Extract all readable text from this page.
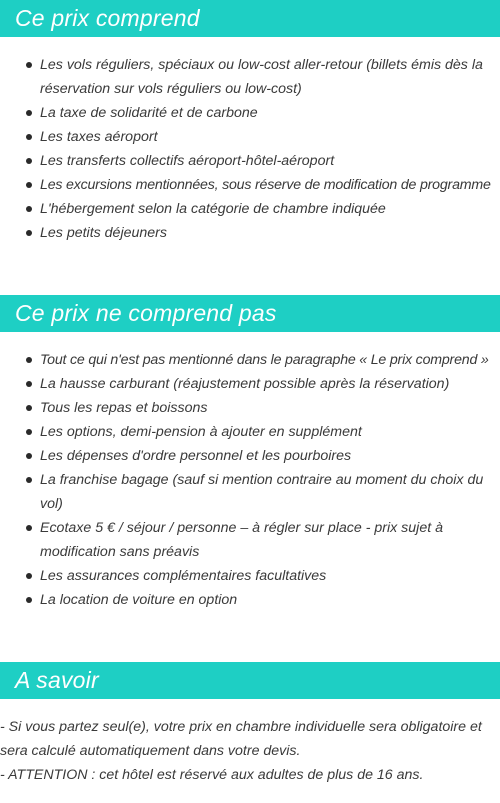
Ce prix comprend
Les vols réguliers, spéciaux ou low-cost aller-retour (billets émis dès la réservation sur vols réguliers ou low-cost)
La taxe de solidarité et de carbone
Les taxes aéroport
Les transferts collectifs aéroport-hôtel-aéroport
Les excursions mentionnées, sous réserve de modification de programme
L'hébergement selon la catégorie de chambre indiquée
Les petits déjeuners
Ce prix ne comprend pas
Tout ce qui n'est pas mentionné dans le paragraphe « Le prix comprend »
La hausse carburant (réajustement possible après la réservation)
Tous les repas et boissons
Les options, demi-pension à ajouter en supplément
Les dépenses d'ordre personnel et les pourboires
La franchise bagage (sauf si mention contraire au moment du choix du vol)
Ecotaxe 5 € / séjour / personne – à régler sur place - prix sujet à modification sans préavis
Les assurances complémentaires facultatives
La location de voiture en option
A savoir

- Si vous partez seul(e), votre prix en chambre individuelle sera obligatoire et sera calculé automatiquement dans votre devis.

- ATTENTION : cet hôtel est réservé aux adultes de plus de 16 ans.
